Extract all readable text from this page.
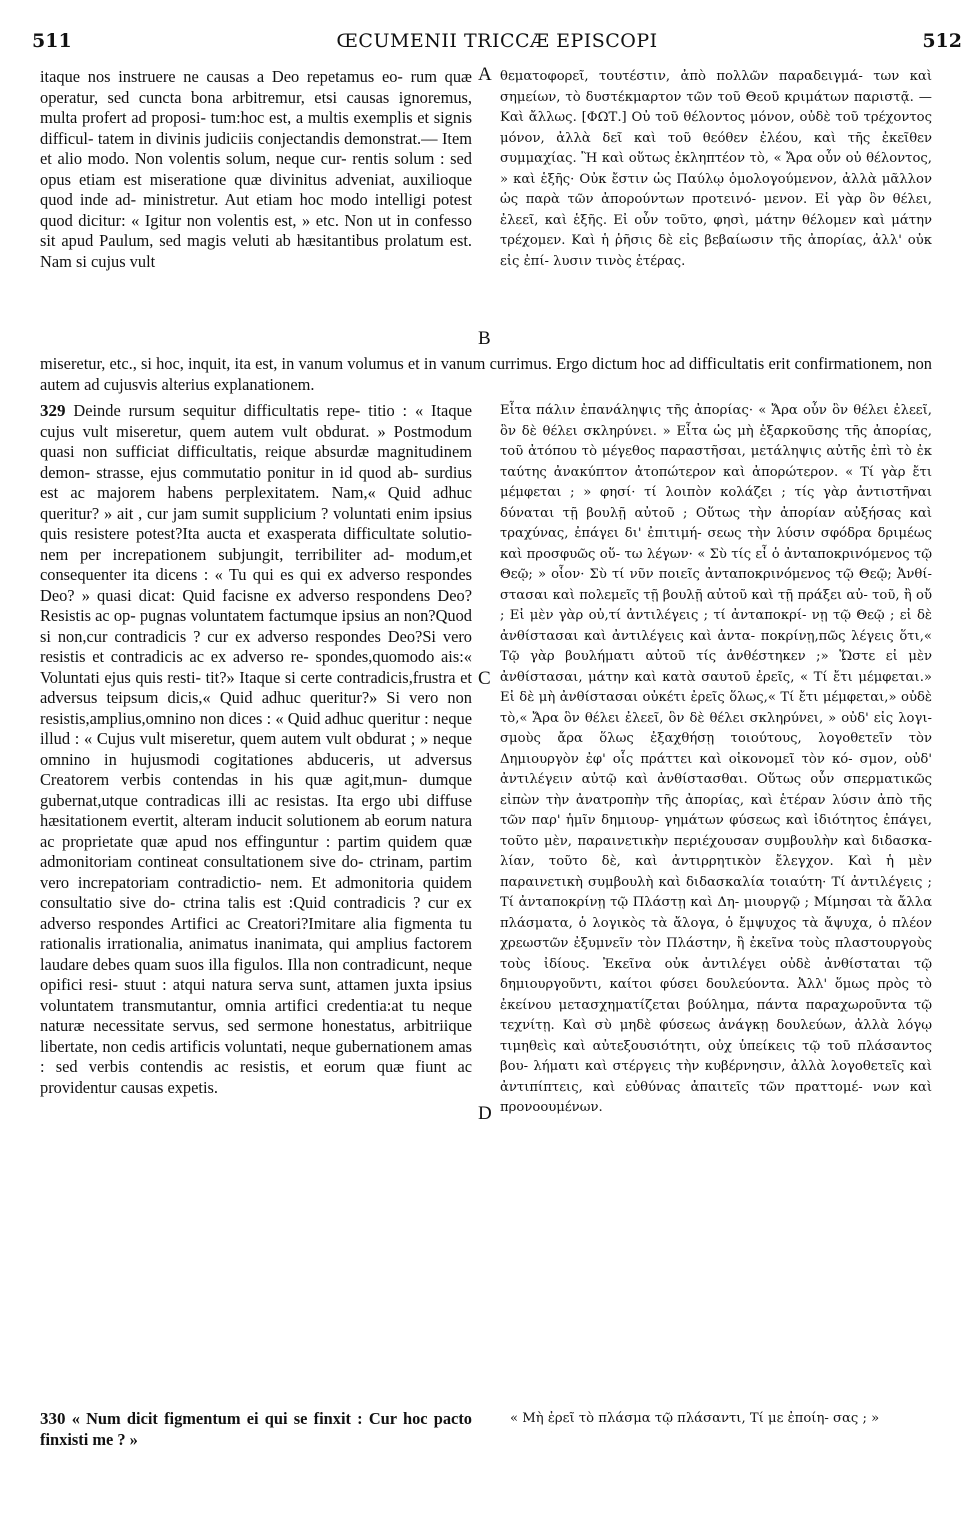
511	ŒCUMENII TRICCÆ EPISCOPI	512
A
B
C
D

itaque nos instruere ne causas a Deo repetamus eo- rum quæ operatur, sed cuncta bona arbitremur, etsi causas ignoremus, multa profert ad proposi- tum:hoc est, a multis exemplis et signis difficul- tatem in divinis judiciis conjectandis demonstrat.— Item et alio modo. Non volentis solum, neque cur- rentis solum : sed opus etiam est miseratione quæ divinitus adveniat, auxilioque quod inde ad- ministretur. Aut etiam hoc modo intelligi potest quod dicitur: « Igitur non volentis est, » etc. Non ut in confesso sit apud Paulum, sed magis veluti ab hæsitantibus prolatum est. Nam si cujus vult

θεματοφορεῖ, τουτέστιν, ἀπὸ πολλῶν παραδειγμά- των καὶ σημείων, τὸ δυστέκμαρτον τῶν τοῦ Θεοῦ κριμάτων παριστᾷ. — Καὶ ἄλλως. [ΦΩΤ.] Οὐ τοῦ θέλοντος μόνον, οὐδὲ τοῦ τρέχοντος μόνον, ἀλλὰ δεῖ καὶ τοῦ θεόθεν ἐλέου, καὶ τῆς ἐκεῖθεν συμμαχίας. Ἢ καὶ οὕτως ἐκληπτέον τὸ, « Ἄρα οὖν οὐ θέλοντος, » καὶ ἑξῆς· Οὐκ ἔστιν ὡς Παύλῳ ὁμολογούμενον, ἀλλὰ μᾶλλον ὡς παρὰ τῶν ἀπορούντων προτεινό- μενον. Εἰ γὰρ ὃν θέλει, ἐλεεῖ, καὶ ἑξῆς. Εἰ οὖν τοῦτο, φησὶ, μάτην θέλομεν καὶ μάτην τρέχομεν. Καὶ ἡ ῥῆσις δὲ εἰς βεβαίωσιν τῆς ἀπορίας, ἀλλ' οὐκ εἰς ἐπί- λυσιν τινὸς ἑτέρας.

miseretur, etc., si hoc, inquit, ita est, in vanum volumus et in vanum currimus. Ergo dictum hoc ad difficultatis erit confirmationem, non autem ad cujusvis alterius explanationem.

329 Deinde rursum sequitur difficultatis repe- titio : « Itaque cujus vult miseretur, quem autem vult obdurat. » Postmodum quasi non sufficiat difficultatis, reique absurdæ magnitudinem demon- strasse, ejus commutatio ponitur in id quod ab- surdius est ac majorem habens perplexitatem. Nam,« Quid adhuc queritur? » ait , cur jam sumit supplicium ? voluntati enim ipsius quis resistere potest?Ita aucta et exasperata difficultate solutio- nem per increpationem subjungit, terribiliter ad- modum,et consequenter ita dicens : « Tu qui es qui ex adverso respondes Deo? » quasi dicat: Quid facisne ex adverso respondens Deo? Resistis ac op- pugnas voluntatem factumque ipsius an non?Quod si non,cur contradicis ? cur ex adverso respondes Deo?Si vero resistis et contradicis ac ex adverso re- spondes,quomodo ais:« Voluntati ejus quis resti- tit?» Itaque si certe contradicis,frustra et adversus teipsum dicis,« Quid adhuc queritur?» Si vero non resistis,amplius,omnino non dices : « Quid adhuc queritur : neque illud : « Cujus vult miseretur, quem autem vult obdurat ; » neque omnino in hujusmodi cogitationes abduceris, ut adversus Creatorem verbis contendas in his quæ agit,mun- dumque gubernat,utque contradicas illi ac resistas. Ita ergo ubi diffuse hæsitationem evertit, alteram inducit solutionem ab eorum natura ac proprietate quæ apud nos effinguntur : partim quidem quæ admonitoriam contineat consultationem sive do- ctrinam, partim vero increpatoriam contradictio- nem. Et admonitoria quidem consultatio sive do- ctrina talis est :Quid contradicis ? cur ex adverso respondes Artifici ac Creatori?Imitare alia figmenta tu rationalis irrationalia, animatus inanimata, qui amplius factorem laudare debes quam suos illa figulos. Illa non contradicunt, neque opifici resi- stuut : atqui natura serva sunt, attamen juxta ipsius voluntatem transmutantur, omnia artifici credentia:at tu neque naturæ necessitate servus, sed sermone honestatus, arbitriique libertate, non cedis artificis voluntati, neque gubernationem amas : sed verbis contendis ac resistis, et eorum quæ fiunt ac providentur causas expetis.

Εἶτα πάλιν ἐπανάληψις τῆς ἀπορίας· « Ἄρα οὖν ὃν θέλει ἐλεεῖ, ὃν δὲ θέλει σκληρύνει. » Εἶτα ὡς μὴ ἐξαρκοῦσης τῆς ἀπορίας, τοῦ ἀτόπου τὸ μέγεθος παραστῆσαι, μετάληψις αὐτῆς ἐπὶ τὸ ἐκ ταύτης ἀνακύπτον ἀτοπώτερον καὶ ἀπορώτερον. « Τί γὰρ ἔτι μέμφεται ; » φησί· τί λοιπὸν κολάζει ; τίς γὰρ ἀντιστῆναι δύναται τῇ βουλῇ αὐτοῦ ; Οὕτως τὴν ἀπορίαν αὐξήσας καὶ τραχύνας, ἐπάγει δι' ἐπιτιμή- σεως τὴν λύσιν σφόδρα δριμέως καὶ προσφυῶς οὕ- τω λέγων· « Σὺ τίς εἶ ὁ ἀνταποκρινόμενος τῷ Θεῷ; » οἷον· Σὺ τί νῦν ποιεῖς ἀνταποκρινόμενος τῷ Θεῷ; Ἀνθί- στασαι καὶ πολεμεῖς τῇ βουλῇ αὐτοῦ καὶ τῇ πράξει αὐ- τοῦ, ἢ οὔ ; Εἰ μὲν γὰρ οὐ,τί ἀντιλέγεις ; τί ἀνταποκρί- νῃ τῷ Θεῷ ; εἰ δὲ ἀνθίστασαι καὶ ἀντιλέγεις καὶ ἀντα- ποκρίνῃ,πῶς λέγεις ὅτι,« Τῷ γὰρ βουλήματι αὐτοῦ τίς ἀνθέστηκεν ;» Ὥστε εἰ μὲν ἀνθίστασαι, μάτην καὶ κατὰ σαυτοῦ ἐρεῖς, « Τί ἔτι μέμφεται.» Εἰ δὲ μὴ ἀνθίστασαι οὐκέτι ἐρεῖς ὅλως,« Τί ἔτι μέμφεται,» οὐδὲ τὸ,« Ἄρα ὃν θέλει ἐλεεῖ, ὃν δὲ θέλει σκληρύνει, » οὐδ' εἰς λογι- σμοὺς ἄρα ὅλως ἐξαχθήσῃ τοιούτους, λογοθετεῖν τὸν Δημιουργὸν ἐφ' οἷς πράττει καὶ οἰκονομεῖ τὸν κό- σμον, οὐδ' ἀντιλέγειν αὐτῷ καὶ ἀνθίστασθαι. Οὕτως οὖν σπερματικῶς εἰπὼν τὴν ἀνατροπὴν τῆς ἀπορίας, καὶ ἑτέραν λύσιν ἀπὸ τῆς τῶν παρ' ἡμῖν δημιουρ- γημάτων φύσεως καὶ ἰδιότητος ἐπάγει, τοῦτο μὲν, παραινετικὴν περιέχουσαν συμβουλὴν καὶ διδασκα- λίαν, τοῦτο δὲ, καὶ ἀντιρρητικὸν ἔλεγχον. Καὶ ἡ μὲν παραινετικὴ συμβουλὴ καὶ διδασκαλία τοιαύτη· Τί ἀντιλέγεις ; Τί ἀνταποκρίνῃ τῷ Πλάστῃ καὶ Δη- μιουργῷ ; Μίμησαι τὰ ἄλλα πλάσματα, ὁ λογικὸς τὰ ἄλογα, ὁ ἔμψυχος τὰ ἄψυχα, ὁ πλέον χρεωστῶν ἐξυμνεῖν τὸν Πλάστην, ἢ ἐκεῖνα τοὺς πλαστουργοὺς τοὺς ἰδίους. Ἐκεῖνα οὐκ ἀντιλέγει οὐδὲ ἀνθίσταται τῷ δημιουργοῦντι, καίτοι φύσει δουλεύοντα. Ἀλλ' ὅμως πρὸς τὸ ἐκείνου μετασχηματίζεται βούλημα, πάντα παραχωροῦντα τῷ τεχνίτῃ. Καὶ σὺ μηδὲ φύσεως ἀνάγκῃ δουλεύων, ἀλλὰ λόγῳ τιμηθεὶς καὶ αὐτεξουσιότητι, οὐχ ὑπείκεις τῷ τοῦ πλάσαντος βου- λήματι καὶ στέργεις τὴν κυβέρνησιν, ἀλλὰ λογοθετεῖς καὶ ἀντιπίπτεις, καὶ εὐθύνας ἀπαιτεῖς τῶν πραττομέ- νων καὶ προνοουμένων.

330 « Num dicit figmentum ei qui se finxit : Cur hoc pacto finxisti me ? »

« Μὴ ἐρεῖ τὸ πλάσμα τῷ πλάσαντι, Τί με ἐποίη- σας ; »
